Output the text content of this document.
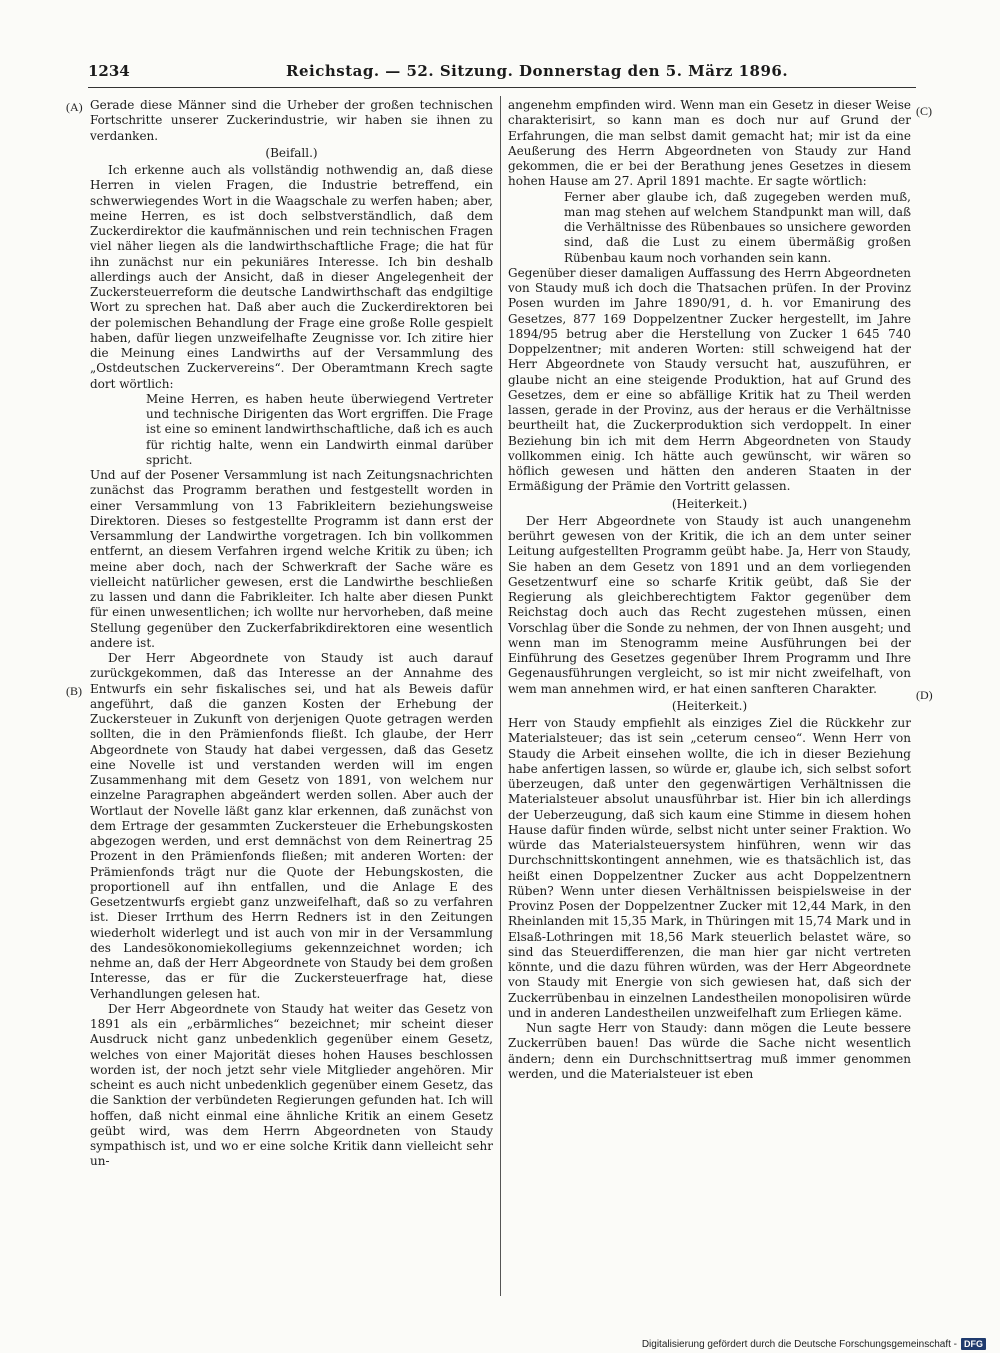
1234	Reichstag. — 52. Sitzung. Donnerstag den 5. März 1896.
(A)
(B)
(C)
(D)

Gerade diese Männer sind die Urheber der großen technischen Fortschritte unserer Zuckerindustrie, wir haben sie ihnen zu verdanken.

(Beifall.)

Ich erkenne auch als vollständig nothwendig an, daß diese Herren in vielen Fragen, die Industrie betreffend, ein schwerwiegendes Wort in die Waagschale zu werfen haben; aber, meine Herren, es ist doch selbstverständlich, daß dem Zuckerdirektor die kaufmännischen und rein technischen Fragen viel näher liegen als die landwirthschaftliche Frage; die hat für ihn zunächst nur ein pekuniäres Interesse. Ich bin deshalb allerdings auch der Ansicht, daß in dieser Angelegenheit der Zuckersteuerreform die deutsche Landwirthschaft das endgiltige Wort zu sprechen hat. Daß aber auch die Zuckerdirektoren bei der polemischen Behandlung der Frage eine große Rolle gespielt haben, dafür liegen unzweifelhafte Zeugnisse vor. Ich zitire hier die Meinung eines Landwirths auf der Versammlung des „Ostdeutschen Zuckervereins“. Der Oberamtmann Krech sagte dort wörtlich:

Meine Herren, es haben heute überwiegend Vertreter und technische Dirigenten das Wort ergriffen. Die Frage ist eine so eminent landwirthschaftliche, daß ich es auch für richtig halte, wenn ein Landwirth einmal darüber spricht.

Und auf der Posener Versammlung ist nach Zeitungsnachrichten zunächst das Programm berathen und festgestellt worden in einer Versammlung von 13 Fabrikleitern beziehungsweise Direktoren. Dieses so festgestellte Programm ist dann erst der Versammlung der Landwirthe vorgetragen. Ich bin vollkommen entfernt, an diesem Verfahren irgend welche Kritik zu üben; ich meine aber doch, nach der Schwerkraft der Sache wäre es vielleicht natürlicher gewesen, erst die Landwirthe beschließen zu lassen und dann die Fabrikleiter. Ich halte aber diesen Punkt für einen unwesentlichen; ich wollte nur hervorheben, daß meine Stellung gegenüber den Zuckerfabrikdirektoren eine wesentlich andere ist.

Der Herr Abgeordnete von Staudy ist auch darauf zurückgekommen, daß das Interesse an der Annahme des Entwurfs ein sehr fiskalisches sei, und hat als Beweis dafür angeführt, daß die ganzen Kosten der Erhebung der Zuckersteuer in Zukunft von derjenigen Quote getragen werden sollten, die in den Prämienfonds fließt. Ich glaube, der Herr Abgeordnete von Staudy hat dabei vergessen, daß das Gesetz eine Novelle ist und verstanden werden will im engen Zusammenhang mit dem Gesetz von 1891, von welchem nur einzelne Paragraphen abgeändert werden sollen. Aber auch der Wortlaut der Novelle läßt ganz klar erkennen, daß zunächst von dem Ertrage der gesammten Zuckersteuer die Erhebungskosten abgezogen werden, und erst demnächst von dem Reinertrag 25 Prozent in den Prämienfonds fließen; mit anderen Worten: der Prämienfonds trägt nur die Quote der Hebungskosten, die proportionell auf ihn entfallen, und die Anlage E des Gesetzentwurfs ergiebt ganz unzweifelhaft, daß so zu verfahren ist. Dieser Irrthum des Herrn Redners ist in den Zeitungen wiederholt widerlegt und ist auch von mir in der Versammlung des Landesökonomiekollegiums gekennzeichnet worden; ich nehme an, daß der Herr Abgeordnete von Staudy bei dem großen Interesse, das er für die Zuckersteuerfrage hat, diese Verhandlungen gelesen hat.

Der Herr Abgeordnete von Staudy hat weiter das Gesetz von 1891 als ein „erbärmliches“ bezeichnet; mir scheint dieser Ausdruck nicht ganz unbedenklich gegenüber einem Gesetz, welches von einer Majorität dieses hohen Hauses beschlossen worden ist, der noch jetzt sehr viele Mitglieder angehören. Mir scheint es auch nicht unbedenklich gegenüber einem Gesetz, das die Sanktion der verbündeten Regierungen gefunden hat. Ich will hoffen, daß nicht einmal eine ähnliche Kritik an einem Gesetz geübt wird, was dem Herrn Abgeordneten von Staudy sympathisch ist, und wo er eine solche Kritik dann vielleicht sehr un-

angenehm empfinden wird. Wenn man ein Gesetz in dieser Weise charakterisirt, so kann man es doch nur auf Grund der Erfahrungen, die man selbst damit gemacht hat; mir ist da eine Aeußerung des Herrn Abgeordneten von Staudy zur Hand gekommen, die er bei der Berathung jenes Gesetzes in diesem hohen Hause am 27. April 1891 machte. Er sagte wörtlich:

Ferner aber glaube ich, daß zugegeben werden muß, man mag stehen auf welchem Standpunkt man will, daß die Verhältnisse des Rübenbaues so unsichere geworden sind, daß die Lust zu einem übermäßig großen Rübenbau kaum noch vorhanden sein kann.

Gegenüber dieser damaligen Auffassung des Herrn Abgeordneten von Staudy muß ich doch die Thatsachen prüfen. In der Provinz Posen wurden im Jahre 1890/91, d. h. vor Emanirung des Gesetzes, 877 169 Doppelzentner Zucker hergestellt, im Jahre 1894/95 betrug aber die Herstellung von Zucker 1 645 740 Doppelzentner; mit anderen Worten: still schweigend hat der Herr Abgeordnete von Staudy versucht hat, auszuführen, er glaube nicht an eine steigende Produktion, hat auf Grund des Gesetzes, dem er eine so abfällige Kritik hat zu Theil werden lassen, gerade in der Provinz, aus der heraus er die Verhältnisse beurtheilt hat, die Zuckerproduktion sich verdoppelt. In einer Beziehung bin ich mit dem Herrn Abgeordneten von Staudy vollkommen einig. Ich hätte auch gewünscht, wir wären so höflich gewesen und hätten den anderen Staaten in der Ermäßigung der Prämie den Vortritt gelassen.

(Heiterkeit.)

Der Herr Abgeordnete von Staudy ist auch unangenehm berührt gewesen von der Kritik, die ich an dem unter seiner Leitung aufgestellten Programm geübt habe. Ja, Herr von Staudy, Sie haben an dem Gesetz von 1891 und an dem vorliegenden Gesetzentwurf eine so scharfe Kritik geübt, daß Sie der Regierung als gleichberechtigtem Faktor gegenüber dem Reichstag doch auch das Recht zugestehen müssen, einen Vorschlag über die Sonde zu nehmen, der von Ihnen ausgeht; und wenn man im Stenogramm meine Ausführungen bei der Einführung des Gesetzes gegenüber Ihrem Programm und Ihre Gegenausführungen vergleicht, so ist mir nicht zweifelhaft, von wem man annehmen wird, er hat einen sanfteren Charakter.

(Heiterkeit.)

Herr von Staudy empfiehlt als einziges Ziel die Rückkehr zur Materialsteuer; das ist sein „ceterum censeo“. Wenn Herr von Staudy die Arbeit einsehen wollte, die ich in dieser Beziehung habe anfertigen lassen, so würde er, glaube ich, sich selbst sofort überzeugen, daß unter den gegenwärtigen Verhältnissen die Materialsteuer absolut unausführbar ist. Hier bin ich allerdings der Ueberzeugung, daß sich kaum eine Stimme in diesem hohen Hause dafür finden würde, selbst nicht unter seiner Fraktion. Wo würde das Materialsteuersystem hinführen, wenn wir das Durchschnittskontingent annehmen, wie es thatsächlich ist, das heißt einen Doppelzentner Zucker aus acht Doppelzentnern Rüben? Wenn unter diesen Verhältnissen beispielsweise in der Provinz Posen der Doppelzentner Zucker mit 12,44 Mark, in den Rheinlanden mit 15,35 Mark, in Thüringen mit 15,74 Mark und in Elsaß-Lothringen mit 18,56 Mark steuerlich belastet wäre, so sind das Steuerdifferenzen, die man hier gar nicht vertreten könnte, und die dazu führen würden, was der Herr Abgeordnete von Staudy mit Energie von sich gewiesen hat, daß sich der Zuckerrübenbau in einzelnen Landestheilen monopolisiren würde und in anderen Landestheilen unzweifelhaft zum Erliegen käme.

Nun sagte Herr von Staudy: dann mögen die Leute bessere Zuckerrüben bauen! Das würde die Sache nicht wesentlich ändern; denn ein Durchschnittsertrag muß immer genommen werden, und die Materialsteuer ist eben

Digitalisierung gefördert durch die Deutsche Forschungsgemeinschaft - DFG
